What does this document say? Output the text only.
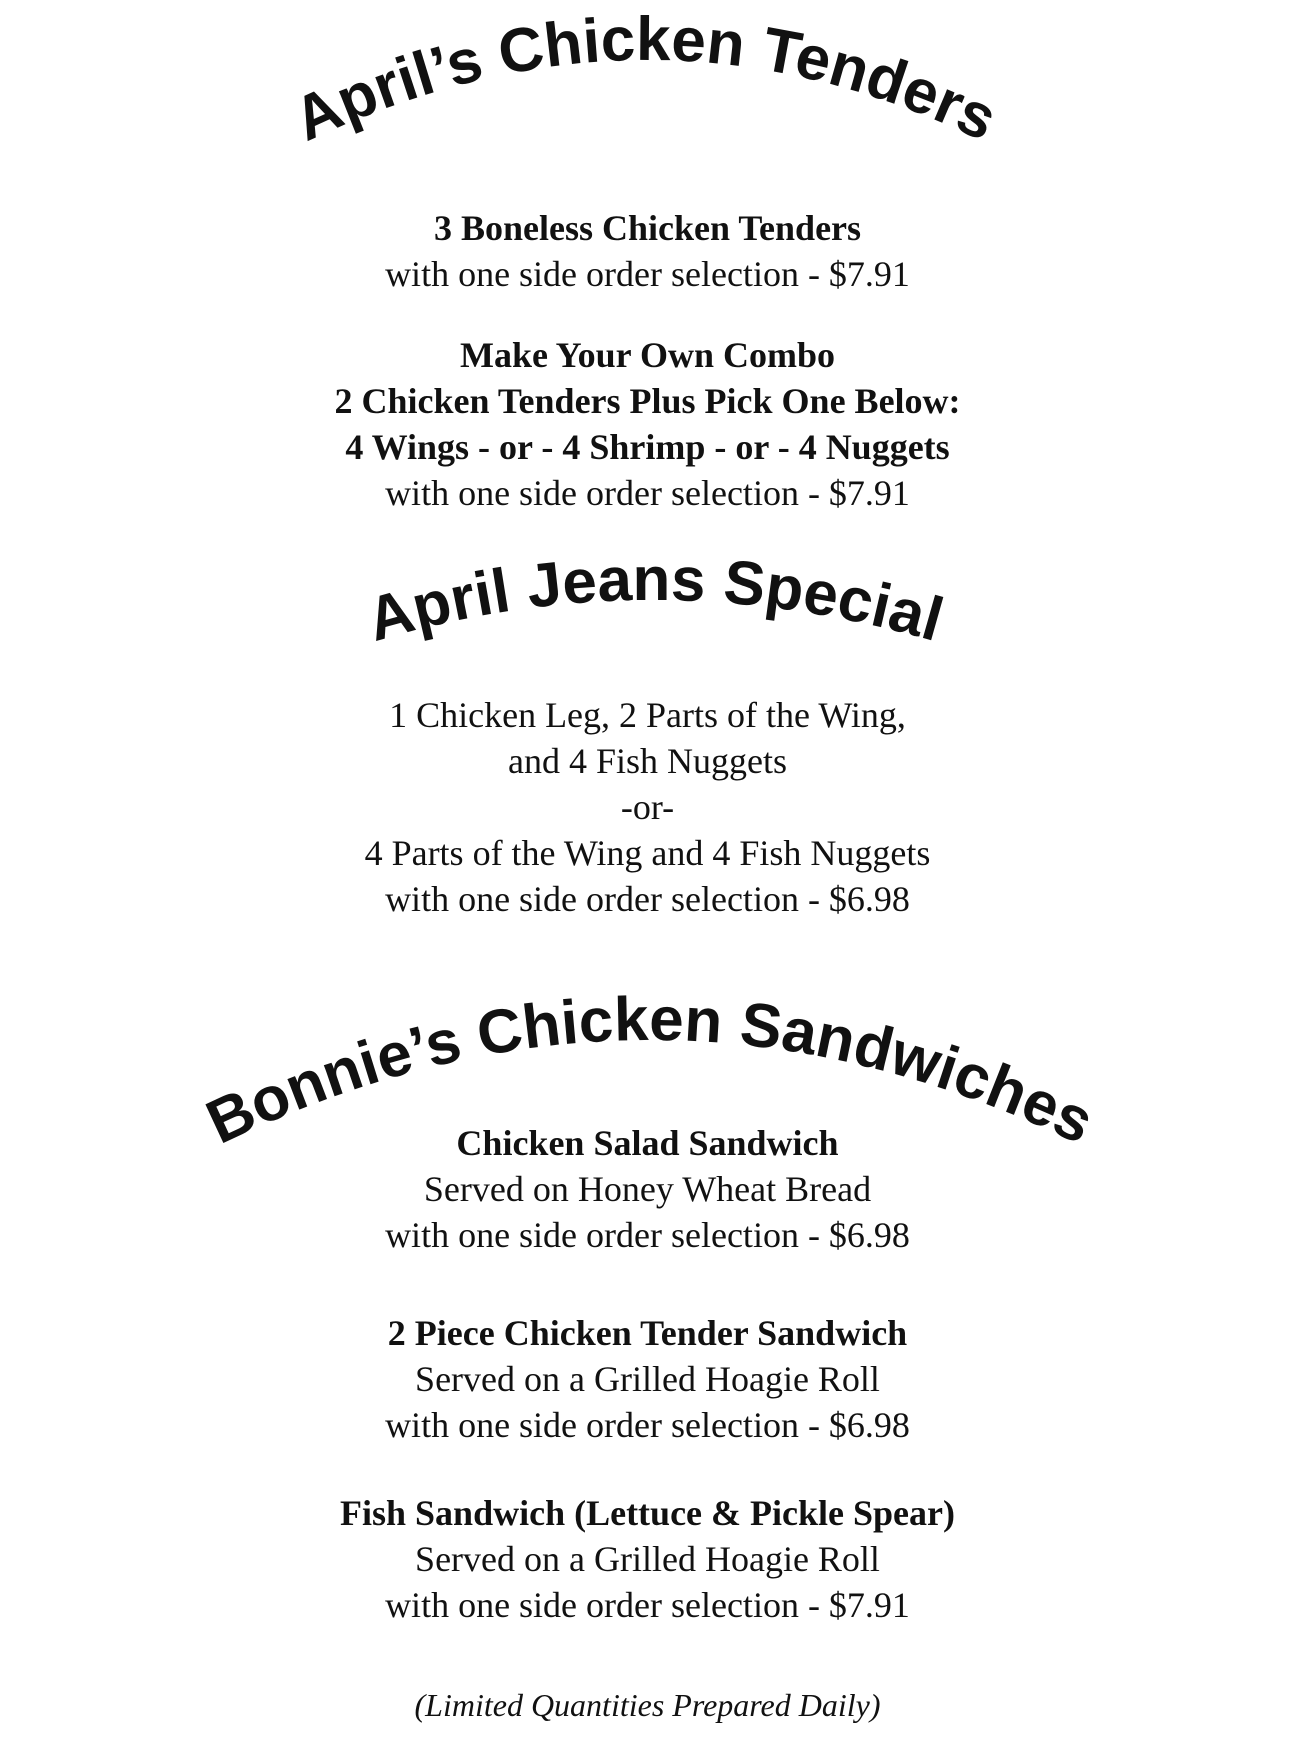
April’s Chicken Tenders
3 Boneless Chicken Tenders
with one side order selection - $7.91
Make Your Own Combo
2 Chicken Tenders Plus Pick One Below:
4 Wings - or - 4 Shrimp - or - 4 Nuggets
with one side order selection - $7.91
April Jeans Special
1 Chicken Leg, 2 Parts of the Wing,
and 4 Fish Nuggets
-or-
4 Parts of the Wing and 4 Fish Nuggets
with one side order selection - $6.98
Bonnie’s Chicken Sandwiches
Chicken Salad Sandwich
Served on Honey Wheat Bread
with one side order selection - $6.98
2 Piece Chicken Tender Sandwich
Served on a Grilled Hoagie Roll
with one side order selection - $6.98
Fish Sandwich (Lettuce & Pickle Spear)
Served on a Grilled Hoagie Roll
with one side order selection - $7.91
(Limited Quantities Prepared Daily)
